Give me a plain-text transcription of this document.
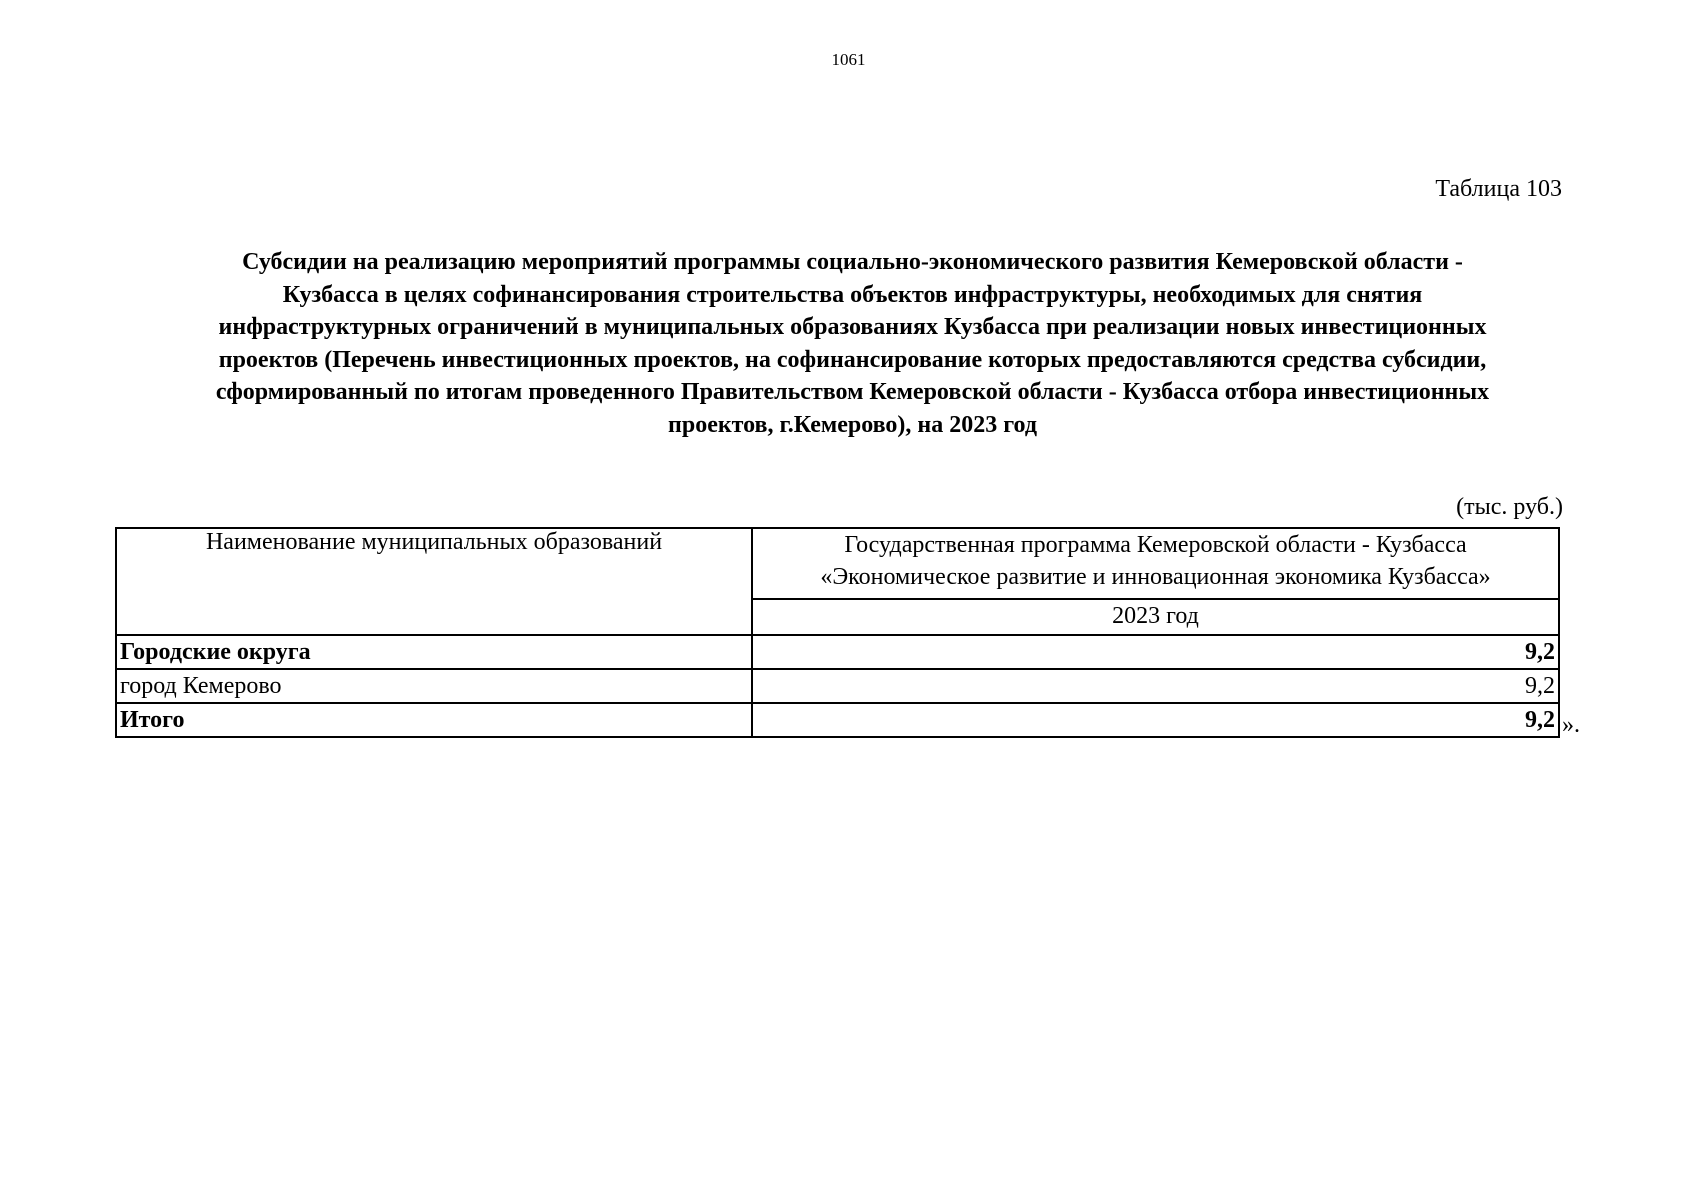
1061
Таблица 103
Субсидии на реализацию мероприятий программы социально-экономического развития Кемеровской области -
Кузбасса в целях софинансирования строительства объектов инфраструктуры, необходимых для снятия
инфраструктурных ограничений в муниципальных образованиях Кузбасса при реализации новых инвестиционных
проектов (Перечень инвестиционных проектов, на софинансирование которых предоставляются средства субсидии,
сформированный по итогам проведенного Правительством Кемеровской области - Кузбасса отбора инвестиционных
проектов, г.Кемерово), на 2023 год
(тыс. руб.)
Наименование муниципальных образований	Государственная программа Кемеровской области - Кузбасса
«Экономическое развитие и инновационная экономика Кузбасса»

	2023 год
Городские округа	9,2
город Кемерово	9,2
Итого	9,2 ».
